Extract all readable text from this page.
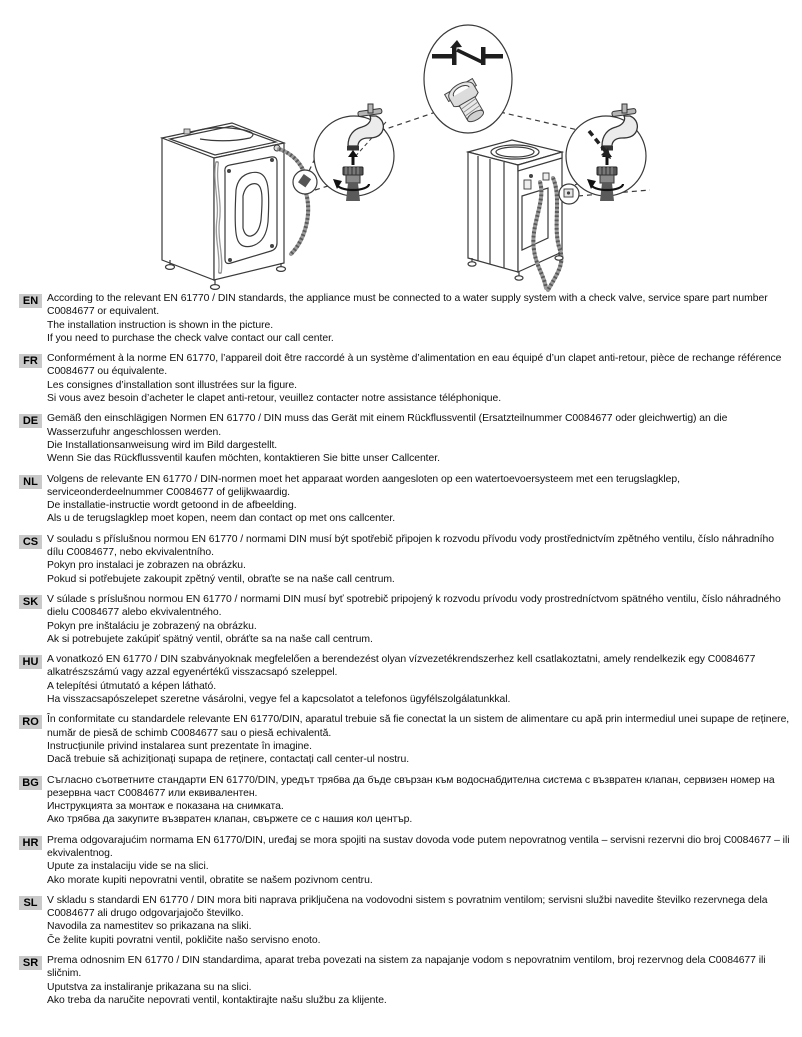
EN According to the relevant EN 61770 / DIN standards, the appliance must be connected to a water supply system with a check valve, service spare part number C0084677 or equivalent.

The installation instruction is shown in the picture.

If you need to purchase the check valve contact our call center.

FR Conformément à la norme EN 61770, l’appareil doit être raccordé à un système d’alimentation en eau équipé d’un clapet anti-retour, pièce de rechange référence C0084677 ou équivalente.

Les consignes d’installation sont illustrées sur la figure.

Si vous avez besoin d’acheter le clapet anti-retour, veuillez contacter notre assistance téléphonique.

DE Gemäß den einschlägigen Normen EN 61770 / DIN muss das Gerät mit einem Rückflussventil (Ersatzteilnummer C0084677 oder gleichwertig) an die Wasserzufuhr angeschlossen werden.

Die Installationsanweisung wird im Bild dargestellt.

Wenn Sie das Rückflussventil kaufen möchten, kontaktieren Sie bitte unser Callcenter.

NL Volgens de relevante EN 61770 / DIN-normen moet het apparaat worden aangesloten op een watertoevoersysteem met een terugslagklep, serviceonderdeelnummer C0084677 of gelijkwaardig.

De installatie-instructie wordt getoond in de afbeelding.

Als u de terugslagklep moet kopen, neem dan contact op met ons callcenter.

CS V souladu s příslušnou normou EN 61770 / normami DIN musí být spotřebič připojen k rozvodu přívodu vody prostřednictvím zpětného ventilu, číslo náhradního dílu C0084677, nebo ekvivalentního.

Pokyn pro instalaci je zobrazen na obrázku.

Pokud si potřebujete zakoupit zpětný ventil, obraťte se na naše call centrum.

SK V súlade s príslušnou normou EN 61770 / normami DIN musí byť spotrebič pripojený k rozvodu prívodu vody prostredníctvom spätného ventilu, číslo náhradného dielu C0084677 alebo ekvivalentného.

Pokyn pre inštaláciu je zobrazený na obrázku.

Ak si potrebujete zakúpiť spätný ventil, obráťte sa na naše call centrum.

HU A vonatkozó EN 61770 / DIN szabványoknak megfelelően a berendezést olyan vízvezetékrendszerhez kell csatlakoztatni, amely rendelkezik egy C0084677 alkatrészszámú vagy azzal egyenértékű visszacsapó szeleppel.

A telepítési útmutató a képen látható.

Ha visszacsapószelepet szeretne vásárolni, vegye fel a kapcsolatot a telefonos ügyfélszolgálatunkkal.

RO În conformitate cu standardele relevante EN 61770/DIN, aparatul trebuie să fie conectat la un sistem de alimentare cu apă prin intermediul unei supape de reținere, număr de piesă de schimb C0084677 sau o piesă echivalentă.

Instrucțiunile privind instalarea sunt prezentate în imagine.

Dacă trebuie să achiziționați supapa de reținere, contactați call center-ul nostru.

BG Съгласно съответните стандарти EN 61770/DIN, уредът трябва да бъде свързан към водоснабдителна система с възвратен клапан, сервизен номер на резервна част C0084677 или еквивалентен.

Инструкцията за монтаж е показана на снимката.

Ако трябва да закупите възвратен клапан, свържете се с нашия кол център.

HR Prema odgovarajućim normama EN 61770/DIN, uređaj se mora spojiti na sustav dovoda vode putem nepovratnog ventila – servisni rezervni dio broj C0084677 – ili ekvivalentnog.

Upute za instalaciju vide se na slici.

Ako morate kupiti nepovratni ventil, obratite se našem pozivnom centru.

SL V skladu s standardi EN 61770 / DIN mora biti naprava priključena na vodovodni sistem s povratnim ventilom; servisni službi navedite številko rezervnega dela C0084677 ali drugo odgovarjajočo številko.

Navodila za namestitev so prikazana na sliki.

Če želite kupiti povratni ventil, pokličite našo servisno enoto.

SR Prema odnosnim EN 61770 / DIN standardima, aparat treba povezati na sistem za napajanje vodom s nepovratnim ventilom, broj rezervnog dela C0084677 ili sličnim.

Uputstva za instaliranje prikazana su na slici.

Ako treba da naručite nepovrati ventil, kontaktirajte našu službu za klijente.
